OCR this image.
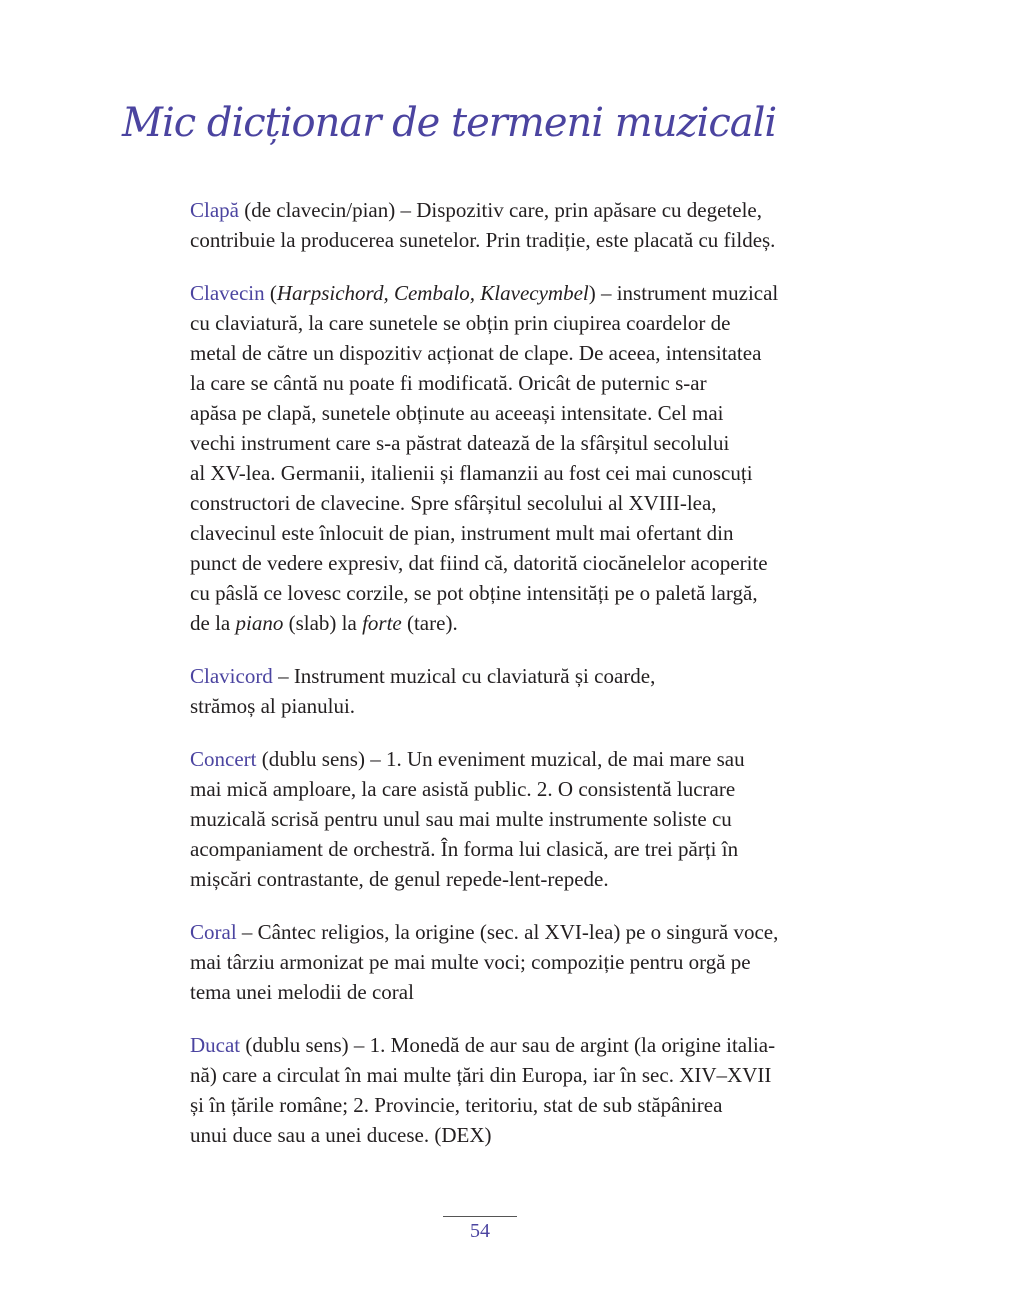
Mic dicționar de termeni muzicali
Clapă (de clavecin/pian) – Dispozitiv care, prin apăsare cu degetele,
contribuie la producerea sunetelor. Prin tradiție, este placată cu fildeș.
Clavecin (Harpsichord, Cembalo, Klavecymbel) – instrument muzical
cu claviatură, la care sunetele se obțin prin ciupirea coardelor de
metal de către un dispozitiv acționat de clape. De aceea, intensitatea
la care se cântă nu poate fi modificată. Oricât de puternic s-ar
apăsa pe clapă, sunetele obținute au aceeași intensitate. Cel mai
vechi instrument care s-a păstrat datează de la sfârșitul secolului
al XV-lea. Germanii, italienii și flamanzii au fost cei mai cunoscuți
constructori de clavecine. Spre sfârșitul secolului al XVIII-lea,
clavecinul este înlocuit de pian, instrument mult mai ofertant din
punct de vedere expresiv, dat fiind că, datorită ciocănelelor acoperite
cu pâslă ce lovesc corzile, se pot obține intensități pe o paletă largă,
de la piano (slab) la forte (tare).
Clavicord – Instrument muzical cu claviatură și coarde,
strămoș al pianului.
Concert (dublu sens) – 1. Un eveniment muzical, de mai mare sau
mai mică amploare, la care asistă public. 2. O consistentă lucrare
muzicală scrisă pentru unul sau mai multe instrumente soliste cu
acompaniament de orchestră. În forma lui clasică, are trei părți în
mișcări contrastante, de genul repede-lent-repede.
Coral – Cântec religios, la origine (sec. al XVI-lea) pe o singură voce,
mai târziu armonizat pe mai multe voci; compoziție pentru orgă pe
tema unei melodii de coral
Ducat (dublu sens) – 1. Monedă de aur sau de argint (la origine italia-
nă) care a circulat în mai multe țări din Europa, iar în sec. XIV–XVII
și în țările române; 2. Provincie, teritoriu, stat de sub stăpânirea
unui duce sau a unei ducese. (DEX)
54
